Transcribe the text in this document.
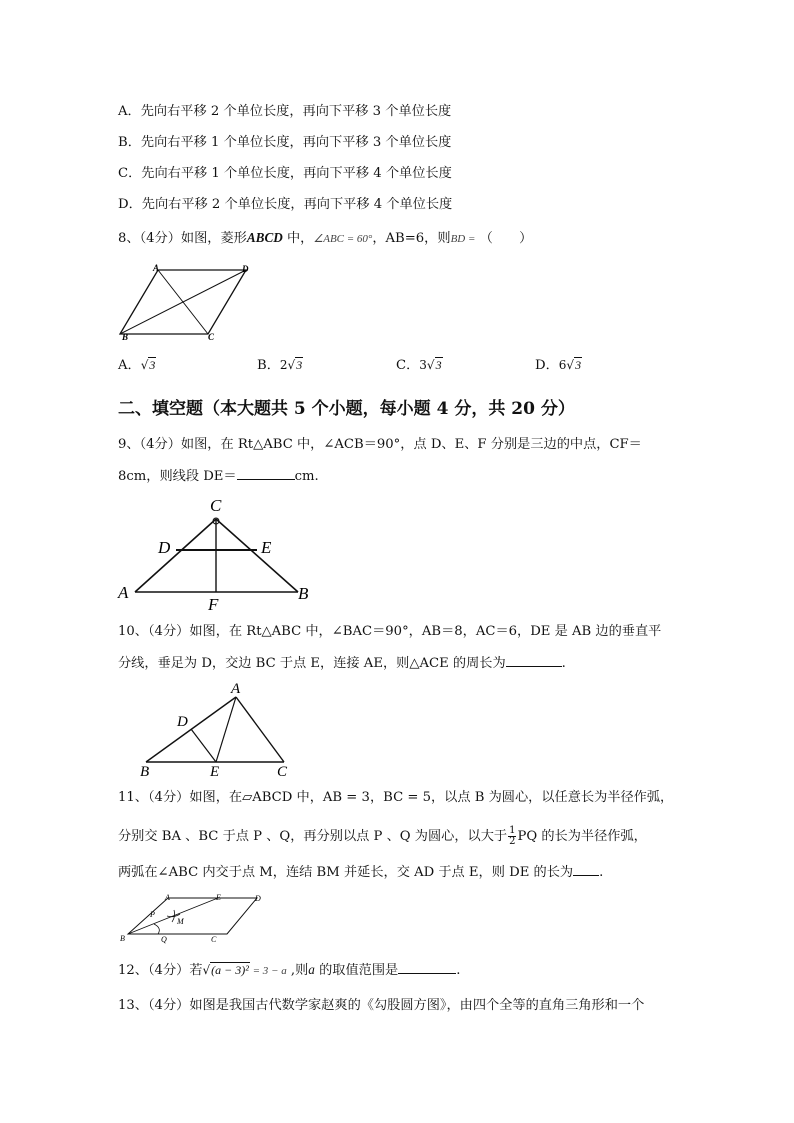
A．先向右平移 2 个单位长度，再向下平移 3 个单位长度
B．先向右平移 1 个单位长度，再向下平移 3 个单位长度
C．先向右平移 1 个单位长度，再向下平移 4 个单位长度
D．先向右平移 2 个单位长度，再向下平移 4 个单位长度
8、（4分）如图，菱形ABCD 中，∠ABC = 60°，AB=6，则BD = （　　）
A	D
B	C
A．√3	B．2√3	C．3√3	D．6√3
二、填空题（本大题共 5 个小题，每小题 4 分，共 20 分）
9、（4分）如图，在 Rt△ABC 中，∠ACB＝90°，点 D、E、F 分别是三边的中点，CF＝
8cm，则线段 DE＝	cm.
C
D	E
A	B
F
10、（4分）如图，在 Rt△ABC 中，∠BAC＝90°，AB＝8，AC＝6，DE 是 AB 边的垂直平
分线，垂足为 D，交边 BC 于点 E，连接 AE，则△ACE 的周长为	.
A
D
B	E	C
11、（4分）如图，在▱ABCD 中，AB = 3，BC = 5，以点 B 为圆心，以任意长为半径作弧，
分别交 BA 、BC 于点 P 、Q，再分别以点 P 、Q 为圆心，以大于 $\frac{1}{2}$ PQ 的长为半径作弧，
两弧在∠ABC 内交于点 M，连结 BM 并延长，交 AD 于点 E，则 DE 的长为 .
A	E	D
P
M
B	Q	C
12、（4分）若√(a − 3)² = 3 − a ,则a 的取值范围是	.
13、（4分）如图是我国古代数学家赵爽的《勾股圆方图》，由四个全等的直角三角形和一个
